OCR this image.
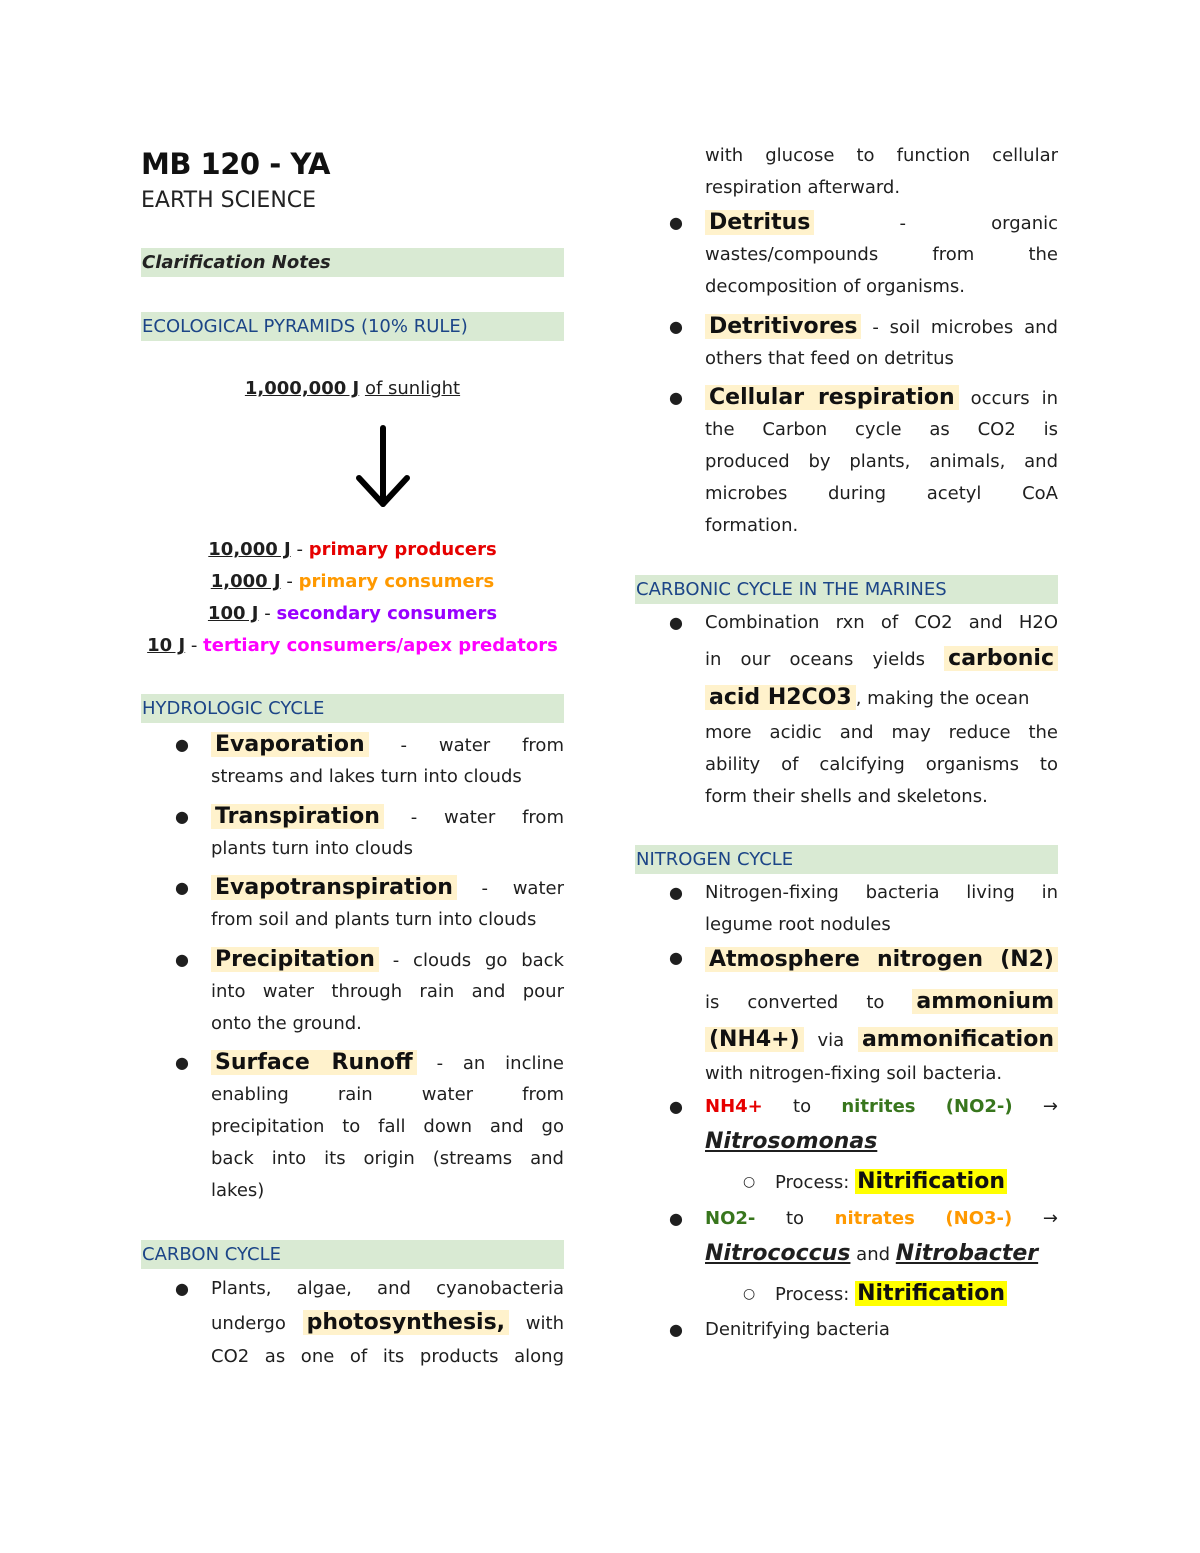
MB 120 - YA
EARTH SCIENCE
Clarification Notes
ECOLOGICAL PYRAMIDS (10% RULE)
1,000,000 J of sunlight
10,000 J - primary producers
1,000 J - primary consumers
100 J - secondary consumers
10 J - tertiary consumers/apex predators
HYDROLOGIC CYCLE
● Evaporation - water from
streams and lakes turn into clouds
● Transpiration - water from
plants turn into clouds
● Evapotranspiration - water
from soil and plants turn into clouds
● Precipitation - clouds go back
into water through rain and pour
onto the ground.
● Surface Runoff - an incline
enabling rain water from
precipitation to fall down and go
back into its origin (streams and
lakes)
CARBON CYCLE
● Plants, algae, and cyanobacteria
undergo photosynthesis, with
CO2 as one of its products along
with glucose to function cellular
respiration afterward.
● Detritus	- organic
wastes/compounds from the
decomposition of organisms.
● Detritivores - soil microbes and
others that feed on detritus
● Cellular respiration occurs in
the Carbon cycle as CO2 is
produced by plants, animals, and
microbes during acetyl CoA
formation.
CARBONIC CYCLE IN THE MARINES
● Combination rxn of CO2 and H2O
in our oceans yields carbonic
acid H2CO3 , making the ocean
more acidic and may reduce the
ability of calcifying organisms to
form their shells and skeletons.
NITROGEN CYCLE
● Nitrogen-fixing bacteria living in
legume root nodules
● Atmosphere nitrogen (N2)
is converted to ammonium
(NH4+) via ammonification
with nitrogen-fixing soil bacteria.
● NH4+ to nitrites (NO2-) →
Nitrosomonas
○ Process: Nitrification
● NO2- to nitrates (NO3-) →
Nitrococcus and Nitrobacter
○ Process: Nitrification
● Denitrifying bacteria
